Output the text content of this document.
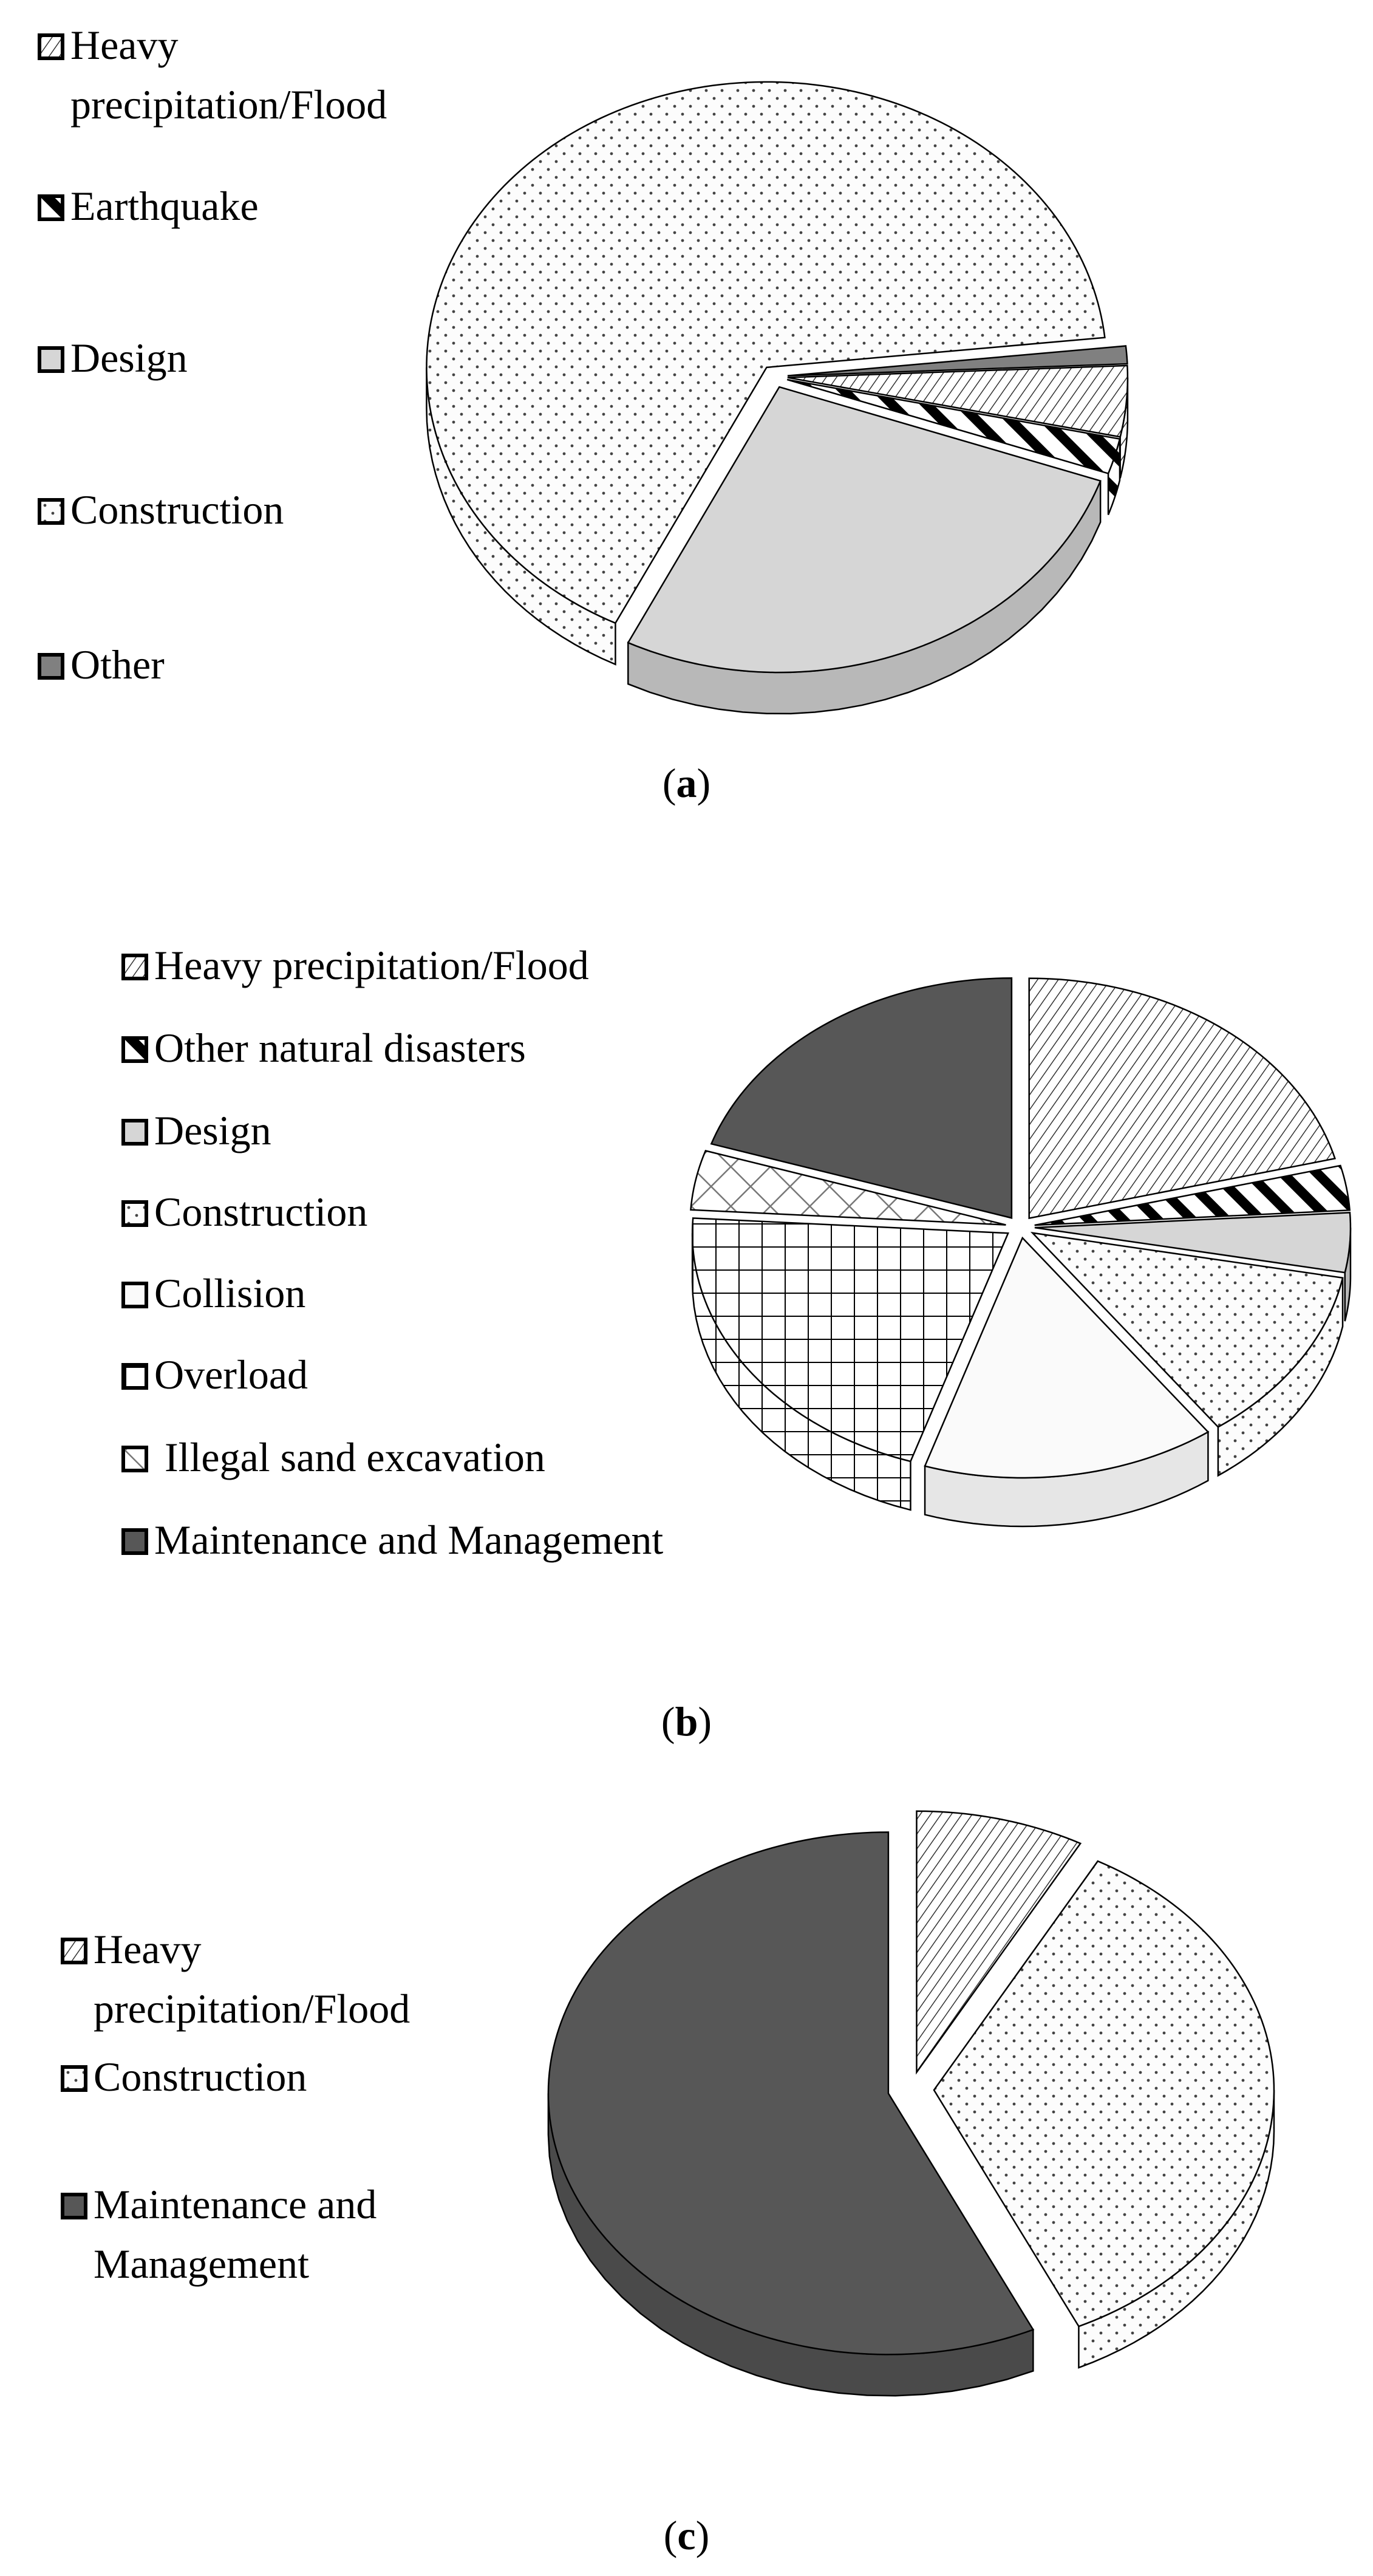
Heavy
precipitation/Flood
Earthquake
Design
Construction
Other
(a)
Heavy precipitation/Flood
Other natural disasters
Design
Construction
Collision
Overload
Illegal sand excavation
Maintenance and Management
(b)
Heavy
precipitation/Flood
Construction
Maintenance and
Management
(c)
